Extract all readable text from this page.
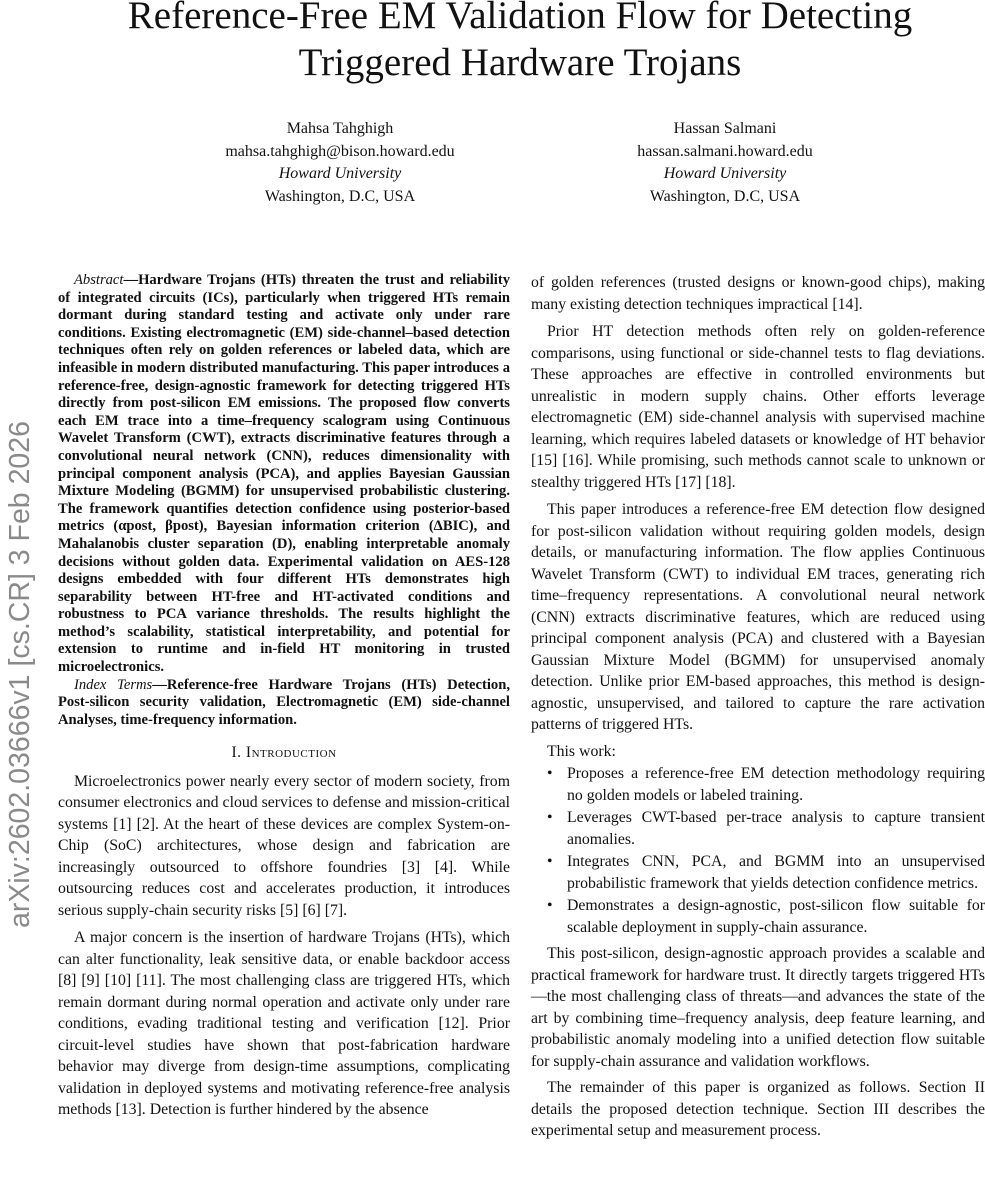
Reference-Free EM Validation Flow for Detecting
Triggered Hardware Trojans
Mahsa Tahghigh
mahsa.tahghigh@bison.howard.edu
Howard University
Washington, D.C, USA
Hassan Salmani
hassan.salmani.howard.edu
Howard University
Washington, D.C, USA
arXiv:2602.03666v1 [cs.CR] 3 Feb 2026

Abstract—Hardware Trojans (HTs) threaten the trust and reliability of integrated circuits (ICs), particularly when triggered HTs remain dormant during standard testing and activate only under rare conditions. Existing electromagnetic (EM) side-channel–based detection techniques often rely on golden references or labeled data, which are infeasible in modern distributed manufacturing. This paper introduces a reference-free, design-agnostic framework for detecting triggered HTs directly from post-silicon EM emissions. The proposed flow converts each EM trace into a time–frequency scalogram using Continuous Wavelet Transform (CWT), extracts discriminative features through a convolutional neural network (CNN), reduces dimensionality with principal component analysis (PCA), and applies Bayesian Gaussian Mixture Modeling (BGMM) for unsupervised probabilistic clustering. The framework quantifies detection confidence using posterior-based metrics (αpost, βpost), Bayesian information criterion (ΔBIC), and Mahalanobis cluster separation (D), enabling interpretable anomaly decisions without golden data. Experimental validation on AES-128 designs embedded with four different HTs demonstrates high separability between HT-free and HT-activated conditions and robustness to PCA variance thresholds. The results highlight the method’s scalability, statistical interpretability, and potential for extension to runtime and in-field HT monitoring in trusted microelectronics.

Index Terms—Reference-free Hardware Trojans (HTs) Detection, Post-silicon security validation, Electromagnetic (EM) side-channel Analyses, time-frequency information.

I. Introduction

Microelectronics power nearly every sector of modern society, from consumer electronics and cloud services to defense and mission-critical systems [1] [2]. At the heart of these devices are complex System-on-Chip (SoC) architectures, whose design and fabrication are increasingly outsourced to offshore foundries [3] [4]. While outsourcing reduces cost and accelerates production, it introduces serious supply-chain security risks [5] [6] [7].

A major concern is the insertion of hardware Trojans (HTs), which can alter functionality, leak sensitive data, or enable backdoor access [8] [9] [10] [11]. The most challenging class are triggered HTs, which remain dormant during normal operation and activate only under rare conditions, evading traditional testing and verification [12]. Prior circuit-level studies have shown that post-fabrication hardware behavior may diverge from design-time assumptions, complicating validation in deployed systems and motivating reference-free analysis methods [13]. Detection is further hindered by the absence

of golden references (trusted designs or known-good chips), making many existing detection techniques impractical [14].

Prior HT detection methods often rely on golden-reference comparisons, using functional or side-channel tests to flag deviations. These approaches are effective in controlled environments but unrealistic in modern supply chains. Other efforts leverage electromagnetic (EM) side-channel analysis with supervised machine learning, which requires labeled datasets or knowledge of HT behavior [15] [16]. While promising, such methods cannot scale to unknown or stealthy triggered HTs [17] [18].

This paper introduces a reference-free EM detection flow designed for post-silicon validation without requiring golden models, design details, or manufacturing information. The flow applies Continuous Wavelet Transform (CWT) to individual EM traces, generating rich time–frequency representations. A convolutional neural network (CNN) extracts discriminative features, which are reduced using principal component analysis (PCA) and clustered with a Bayesian Gaussian Mixture Model (BGMM) for unsupervised anomaly detection. Unlike prior EM-based approaches, this method is design-agnostic, unsupervised, and tailored to capture the rare activation patterns of triggered HTs.

This work:

• Proposes a reference-free EM detection methodology requiring no golden models or labeled training.
• Leverages CWT-based per-trace analysis to capture transient anomalies.
• Integrates CNN, PCA, and BGMM into an unsupervised probabilistic framework that yields detection confidence metrics.
• Demonstrates a design-agnostic, post-silicon flow suitable for scalable deployment in supply-chain assurance.

This post-silicon, design-agnostic approach provides a scalable and practical framework for hardware trust. It directly targets triggered HTs—the most challenging class of threats—and advances the state of the art by combining time–frequency analysis, deep feature learning, and probabilistic anomaly modeling into a unified detection flow suitable for supply-chain assurance and validation workflows.

The remainder of this paper is organized as follows. Section II details the proposed detection technique. Section III describes the experimental setup and measurement process.
